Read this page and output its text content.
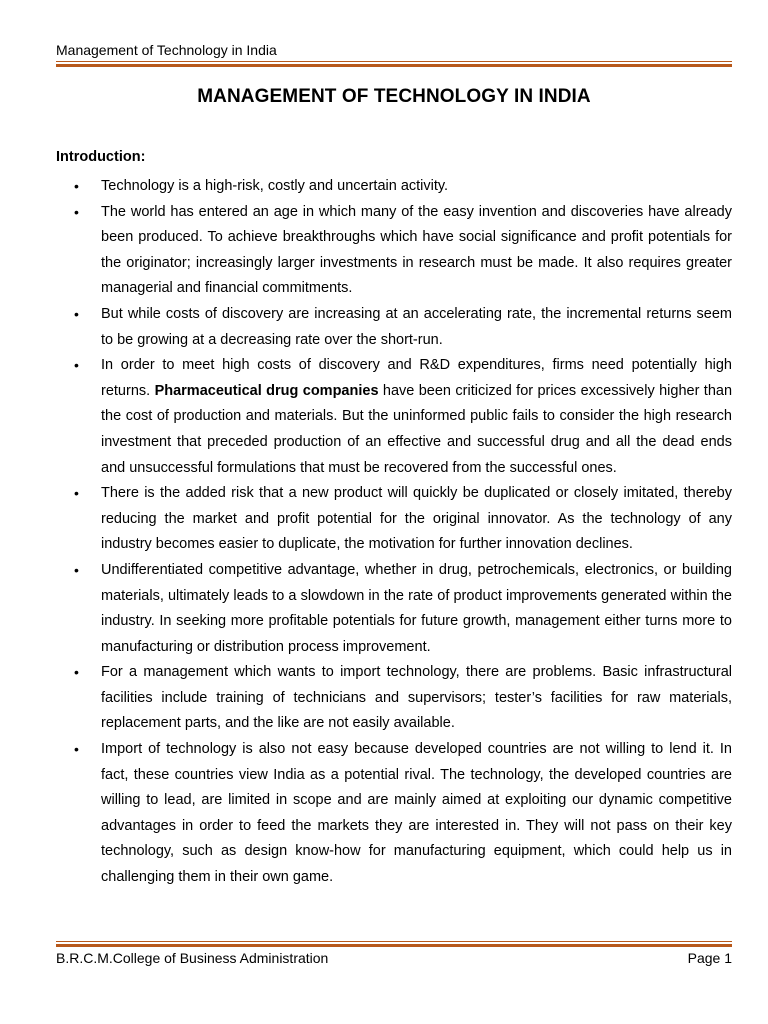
Management of Technology in India
MANAGEMENT OF TECHNOLOGY IN INDIA
Introduction:
• Technology is a high-risk, costly and uncertain activity.
• The world has entered an age in which many of the easy invention and discoveries have already been produced. To achieve breakthroughs which have social significance and profit potentials for the originator; increasingly larger investments in research must be made. It also requires greater managerial and financial commitments.
• But while costs of discovery are increasing at an accelerating rate, the incremental returns seem to be growing at a decreasing rate over the short-run.
• In order to meet high costs of discovery and R&D expenditures, firms need potentially high returns. Pharmaceutical drug companies have been criticized for prices excessively higher than the cost of production and materials. But the uninformed public fails to consider the high research investment that preceded production of an effective and successful drug and all the dead ends and unsuccessful formulations that must be recovered from the successful ones.
• There is the added risk that a new product will quickly be duplicated or closely imitated, thereby reducing the market and profit potential for the original innovator. As the technology of any industry becomes easier to duplicate, the motivation for further innovation declines.
• Undifferentiated competitive advantage, whether in drug, petrochemicals, electronics, or building materials, ultimately leads to a slowdown in the rate of product improvements generated within the industry. In seeking more profitable potentials for future growth, management either turns more to manufacturing or distribution process improvement.
• For a management which wants to import technology, there are problems. Basic infrastructural facilities include training of technicians and supervisors; tester’s facilities for raw materials, replacement parts, and the like are not easily available.
• Import of technology is also not easy because developed countries are not willing to lend it. In fact, these countries view India as a potential rival. The technology, the developed countries are willing to lead, are limited in scope and are mainly aimed at exploiting our dynamic competitive advantages in order to feed the markets they are interested in. They will not pass on their key technology, such as design know-how for manufacturing equipment, which could help us in challenging them in their own game.
B.R.C.M.College of Business Administration	Page 1
